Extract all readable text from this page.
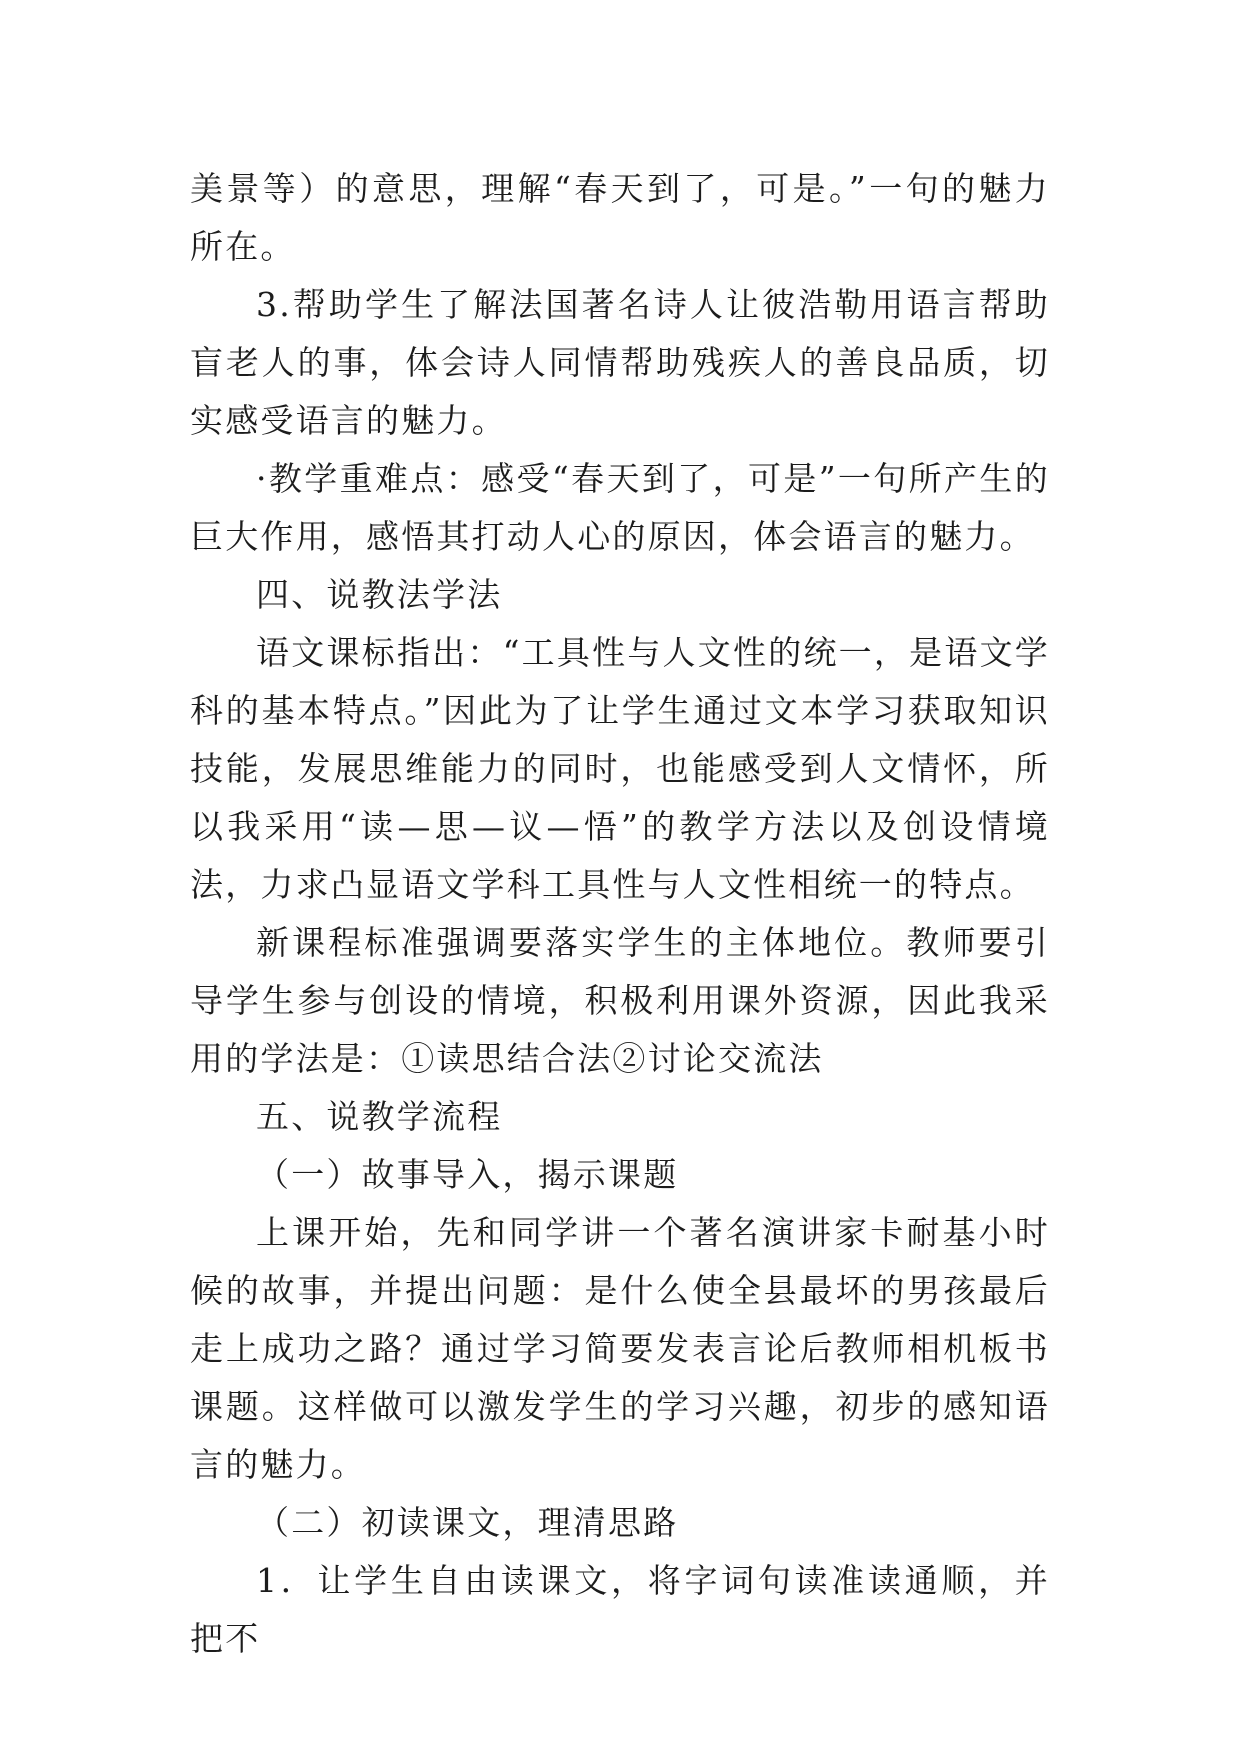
美景等）的意思，理解“春天到了，可是。”一句的魅力所在。

3.帮助学生了解法国著名诗人让彼浩勒用语言帮助盲老人的事，体会诗人同情帮助残疾人的善良品质，切实感受语言的魅力。

·教学重难点：感受“春天到了，可是”一句所产生的巨大作用，感悟其打动人心的原因，体会语言的魅力。

四、说教法学法

语文课标指出：“工具性与人文性的统一，是语文学科的基本特点。”因此为了让学生通过文本学习获取知识技能，发展思维能力的同时，也能感受到人文情怀，所以我采用“读—思—议—悟”的教学方法以及创设情境法，力求凸显语文学科工具性与人文性相统一的特点。

新课程标准强调要落实学生的主体地位。教师要引导学生参与创设的情境，积极利用课外资源，因此我采用的学法是：①读思结合法②讨论交流法

五、说教学流程

（一）故事导入，揭示课题

上课开始，先和同学讲一个著名演讲家卡耐基小时候的故事，并提出问题：是什么使全县最坏的男孩最后走上成功之路？通过学习简要发表言论后教师相机板书课题。这样做可以激发学生的学习兴趣，初步的感知语言的魅力。

（二）初读课文，理清思路

1．让学生自由读课文，将字词句读准读通顺，并把不
